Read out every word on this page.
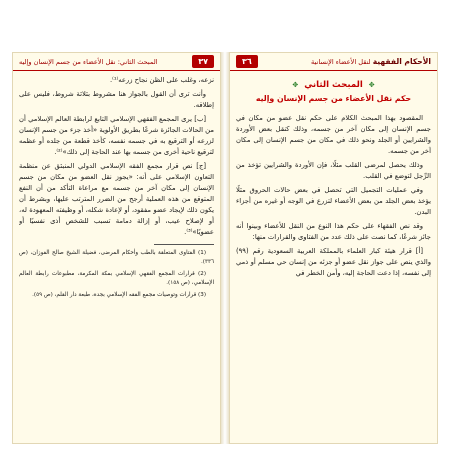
٣٧
المبحث الثاني: نقل الأعضاء من جسم الإنسان وإليه

نزعه، وغلب على الظن نجاح زرعه⁽¹⁾.

وأنت ترى أن القول بالجواز هنا مشروط بثلاثة شروط، فليس على إطلاقه.

[ب] يرى المجمع الفقهي الإسلامي التابع لرابطة العالم الإسلامي أن من الحالات الجائزة شرعًا بطريق الأولوية «أخذ جزء من جسم الإنسان لزرعه أو الترقيع به في جسمه نفسه، كأخذ قطعة من جلده أو عظمه لترقيع ناحية أخرى من جسمه بها عند الحاجة إلى ذلك»⁽²⁾.

[ج] نص قرار مجمع الفقه الإسلامي الدولي المنبثق عن منظمة التعاون الإسلامي على أنه: «يجوز نقل العضو من مكان من جسم الإنسان إلى مكان آخر من جسمه مع مراعاة التأكد من أن النفع المتوقع من هذه العملية أرجح من الضرر المترتب عليها، وبشرط أن يكون ذلك لإيجاد عضو مفقود، أو لإعادة شكله، أو وظيفته المعهودة له، أو لإصلاح عيب، أو إزالة دمامة تسبب للشخص أذى نفسيًا أو عضويًا»⁽³⁾.

(1) الفتاوى المتعلقة بالطب وأحكام المرضى، فضيلة الشيخ صالح الفوزان، (ص ٣٣٦).

(2) قرارات المجمع الفقهي الإسلامي بمكة المكرمة، مطبوعات رابطة العالم الإسلامي، (ص ١٥٨).

(3) قرارات وتوصيات مجمع الفقه الإسلامي بجدة، طبعة دار القلم، (ص ٥٩).

الأحكام الفقهية لنقل الأعضاء الإنسانية
٣٦
✥ المبحث الثاني ✥
حكم نقل الأعضاء من جسم الإنسان وإليه

المقصود بهذا المبحث الكلام على حكم نقل عضو من مكان في جسم الإنسان إلى مكان آخر من جسمه، وذلك كنقل بعض الأوردة والشرايين أو الجلد ونحو ذلك في مكان من جسم الإنسان إلى مكان آخر من جسمه.

وذلك يحصل لمرضى القلب مثلًا، فإن الأوردة والشرايين تؤخذ من الرِّجل لتوضع في القلب.

وفي عمليات التجميل التي تحصل في بعض حالات الحروق مثلًا يؤخذ بعض الجلد من بعض الأعضاء لتزرع في الوجه أو غيره من أجزاء البدن.

وقد نص الفقهاء على حكم هذا النوع من النقل للأعضاء وبينوا أنه جائز شرعًا، كما نصت على ذلك عدد من الفتاوى والقرارات منها:

[أ] قرار هيئة كبار العلماء بالمملكة العربية السعودية رقم (٩٩) والذي ينص على جواز نقل عضو أو جزئه من إنسان حي مسلم أو ذمي إلى نفسه، إذا دعت الحاجة إليه، وأمن الخطر في
